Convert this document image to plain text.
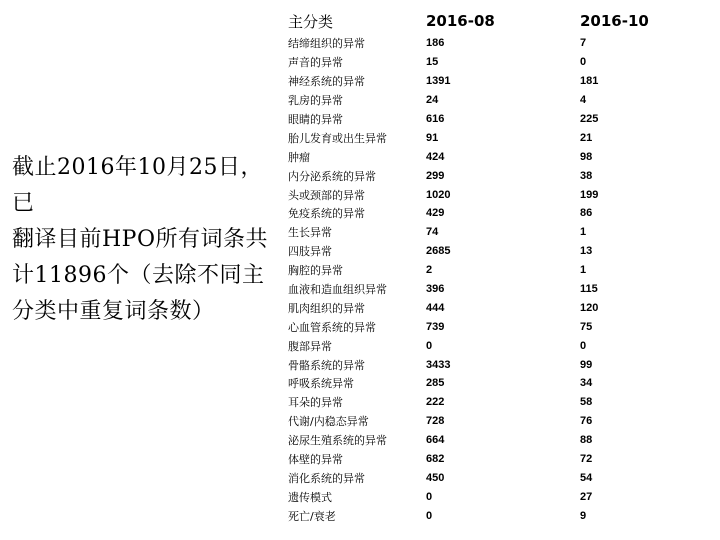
截止2016年10月25日，已
翻译目前HPO所有词条共
计11896个（去除不同主
分类中重复词条数）
主分类	2016-08	2016-10
结缔组织的异常	186	7
声音的异常	15	0
神经系统的异常	1391	181
乳房的异常	24	4
眼睛的异常	616	225
胎儿发育或出生异常	91	21
肿瘤	424	98
内分泌系统的异常	299	38
头或颈部的异常	1020	199
免疫系统的异常	429	86
生长异常	74	1
四肢异常	2685	13
胸腔的异常	2	1
血液和造血组织异常	396	115
肌肉组织的异常	444	120
心血管系统的异常	739	75
腹部异常	0	0
骨骼系统的异常	3433	99
呼吸系统异常	285	34
耳朵的异常	222	58
代谢/内稳态异常	728	76
泌尿生殖系统的异常	664	88
体壁的异常	682	72
消化系统的异常	450	54
遗传模式	0	27
死亡/衰老	0	9
